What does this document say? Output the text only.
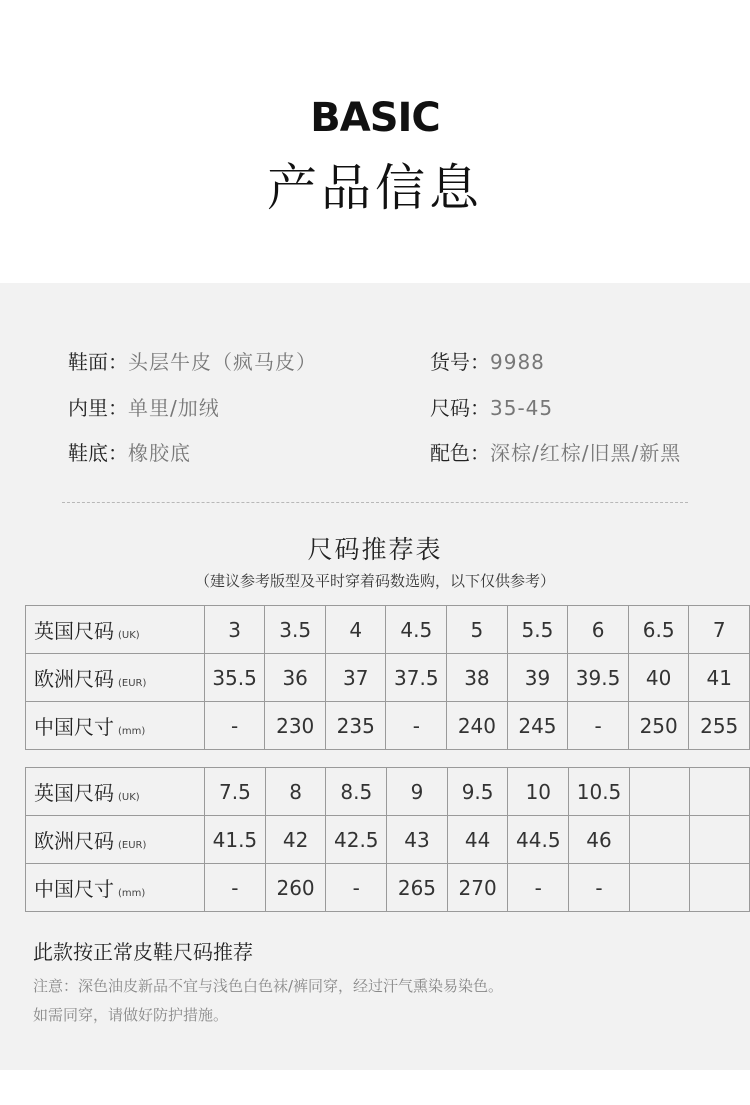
BASIC
产品信息
鞋面：头层牛皮（疯马皮）	货号：9988
内里：单里/加绒	尺码：35-45
鞋底：橡胶底	配色：深棕/红棕/旧黑/新黑
尺码推荐表
（建议参考版型及平时穿着码数选购，以下仅供参考）
英国尺码 (UK)	3	3.5	4	4.5	5	5.5	6	6.5	7
欧洲尺码 (EUR)	35.5	36	37	37.5	38	39	39.5	40	41
中国尺寸 (mm)	-	230	235	-	240	245	-	250	255
英国尺码 (UK)	7.5	8	8.5	9	9.5	10	10.5		
欧洲尺码 (EUR)	41.5	42	42.5	43	44	44.5	46		
中国尺寸 (mm)	-	260	-	265	270	-	-		
此款按正常皮鞋尺码推荐
注意：深色油皮新品不宜与浅色白色袜/裤同穿，经过汗气熏染易染色。
如需同穿，请做好防护措施。
